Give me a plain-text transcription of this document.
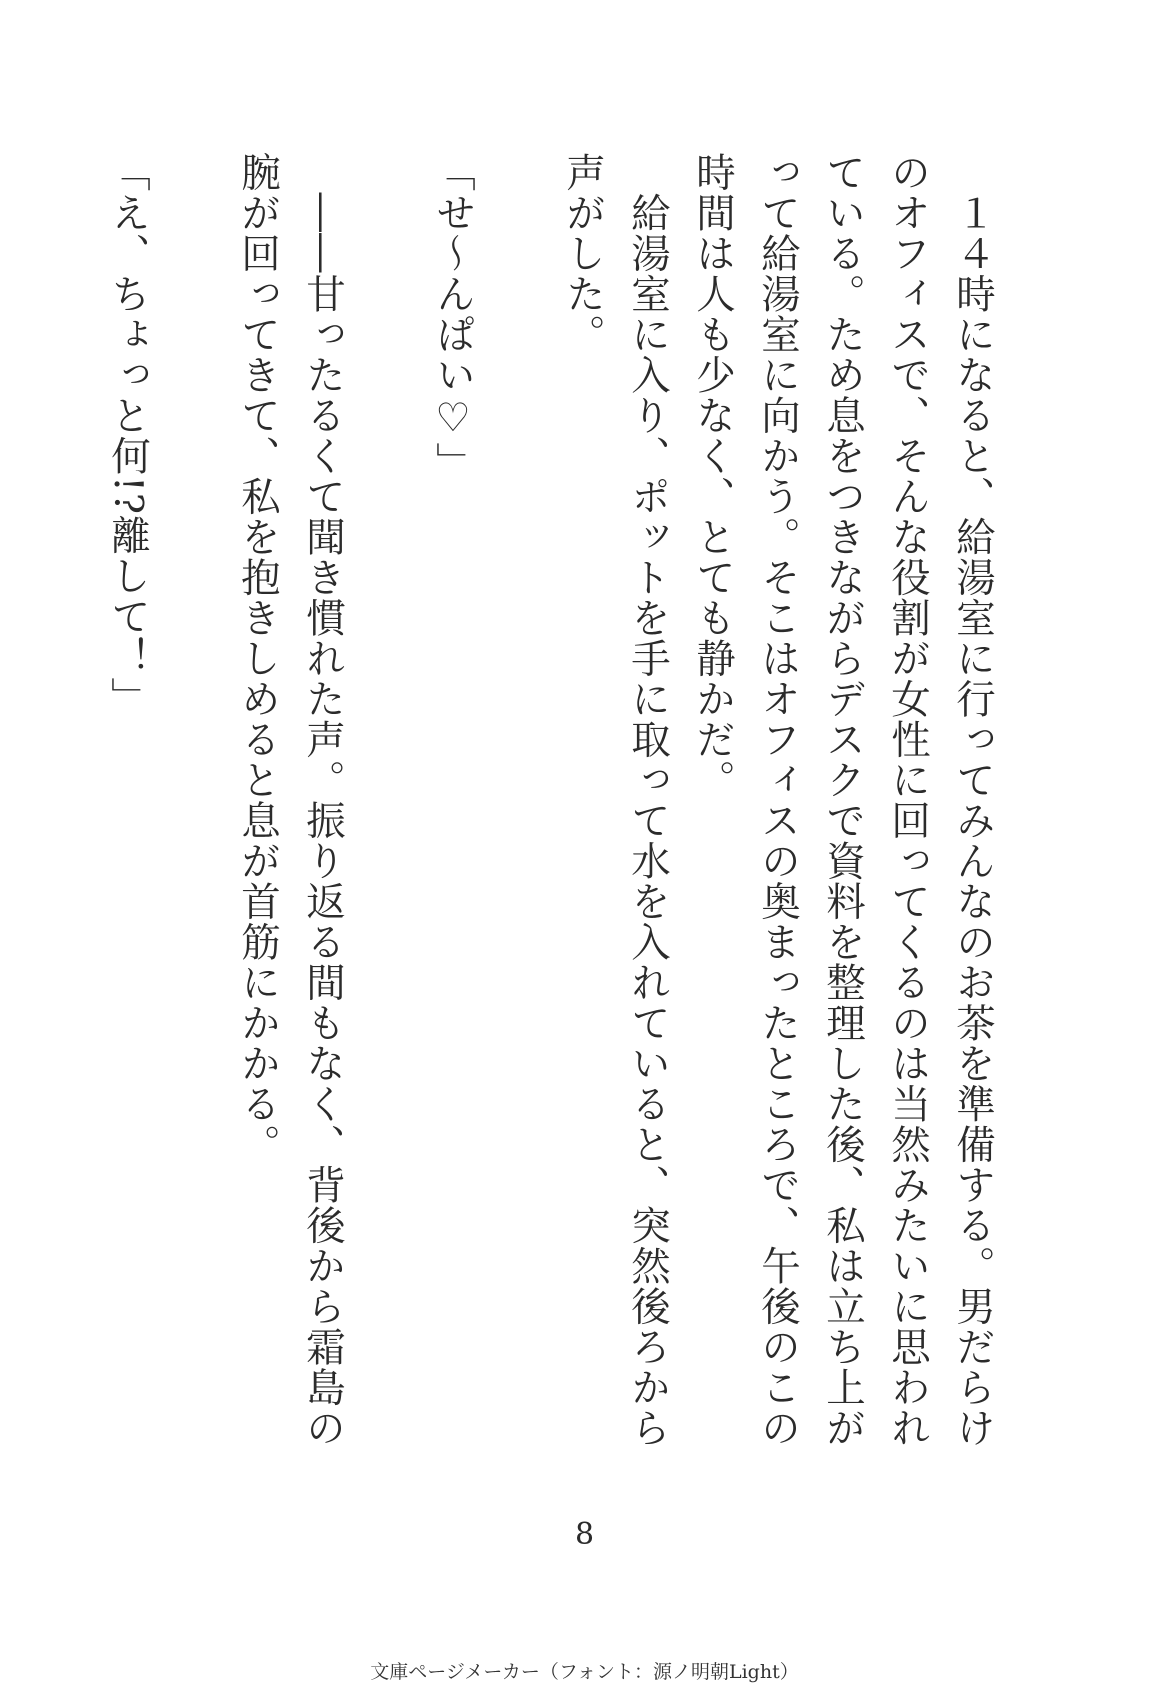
　１４時になると、給湯室に行ってみんなのお茶を準備する。男だらけのオフィスで、そんな役割が女性に回ってくるのは当然みたいに思われている。ため息をつきながらデスクで資料を整理した後、私は立ち上がって給湯室に向かう。そこはオフィスの奥まったところで、午後のこの時間は人も少なく、とても静かだ。

　給湯室に入り、ポットを手に取って水を入れていると、突然後ろから声がした。

「せ〜んぱい♡」

　――甘ったるくて聞き慣れた声。振り返る間もなく、背後から霜島の腕が回ってきて、私を抱きしめると息が首筋にかかる。

「え、ちょっと何!?離して！」

8
文庫ページメーカー（フォント：源ノ明朝Light）
